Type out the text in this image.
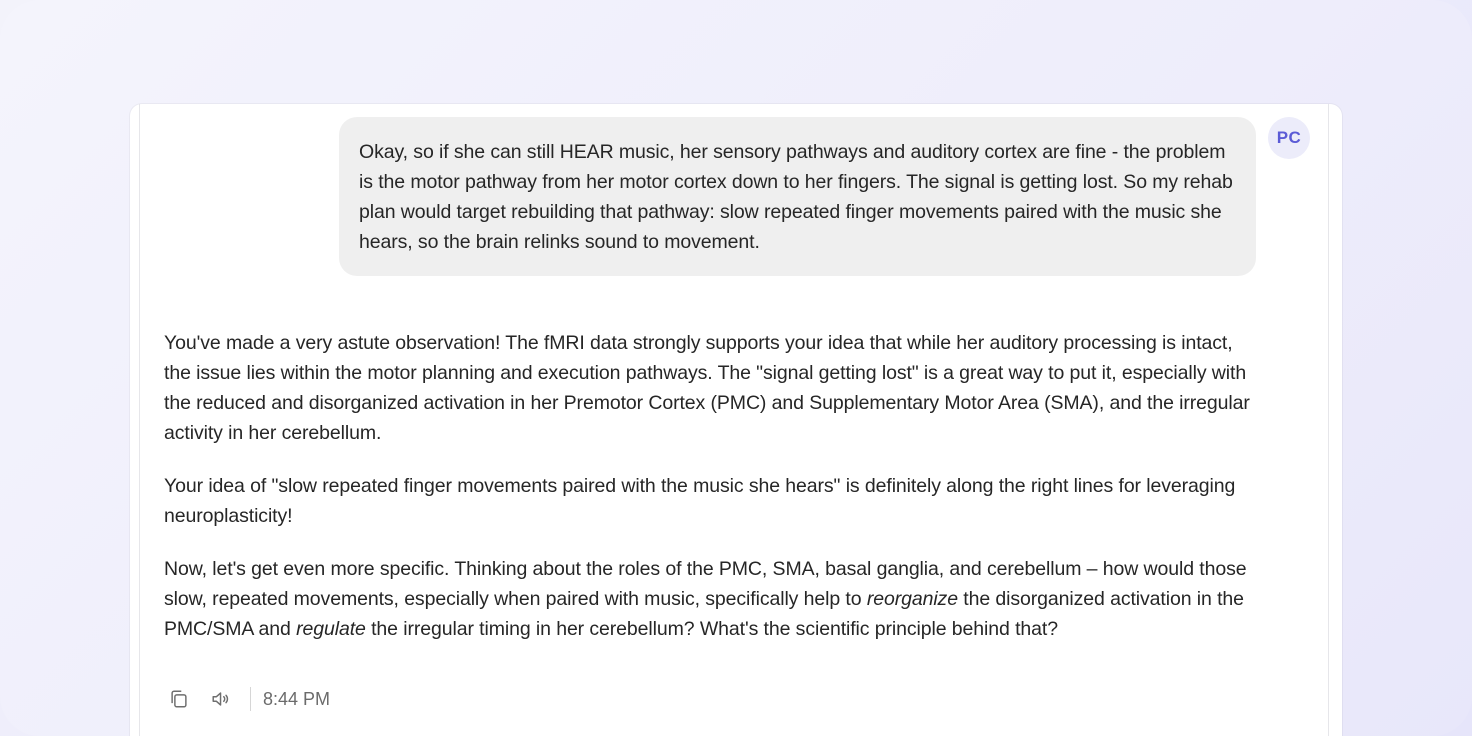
Okay, so if she can still HEAR music, her sensory pathways and auditory cortex are fine - the problem is the motor pathway from her motor cortex down to her fingers. The signal is getting lost. So my rehab plan would target rebuilding that pathway: slow repeated finger movements paired with the music she hears, so the brain relinks sound to movement.
PC

You've made a very astute observation! The fMRI data strongly supports your idea that while her auditory processing is intact, the issue lies within the motor planning and execution pathways. The "signal getting lost" is a great way to put it, especially with the reduced and disorganized activation in her Premotor Cortex (PMC) and Supplementary Motor Area (SMA), and the irregular activity in her cerebellum.

Your idea of "slow repeated finger movements paired with the music she hears" is definitely along the right lines for leveraging neuroplasticity!

Now, let's get even more specific. Thinking about the roles of the PMC, SMA, basal ganglia, and cerebellum – how would those slow, repeated movements, especially when paired with music, specifically help to reorganize the disorganized activation in the PMC/SMA and regulate the irregular timing in her cerebellum? What's the scientific principle behind that?

8:44 PM
